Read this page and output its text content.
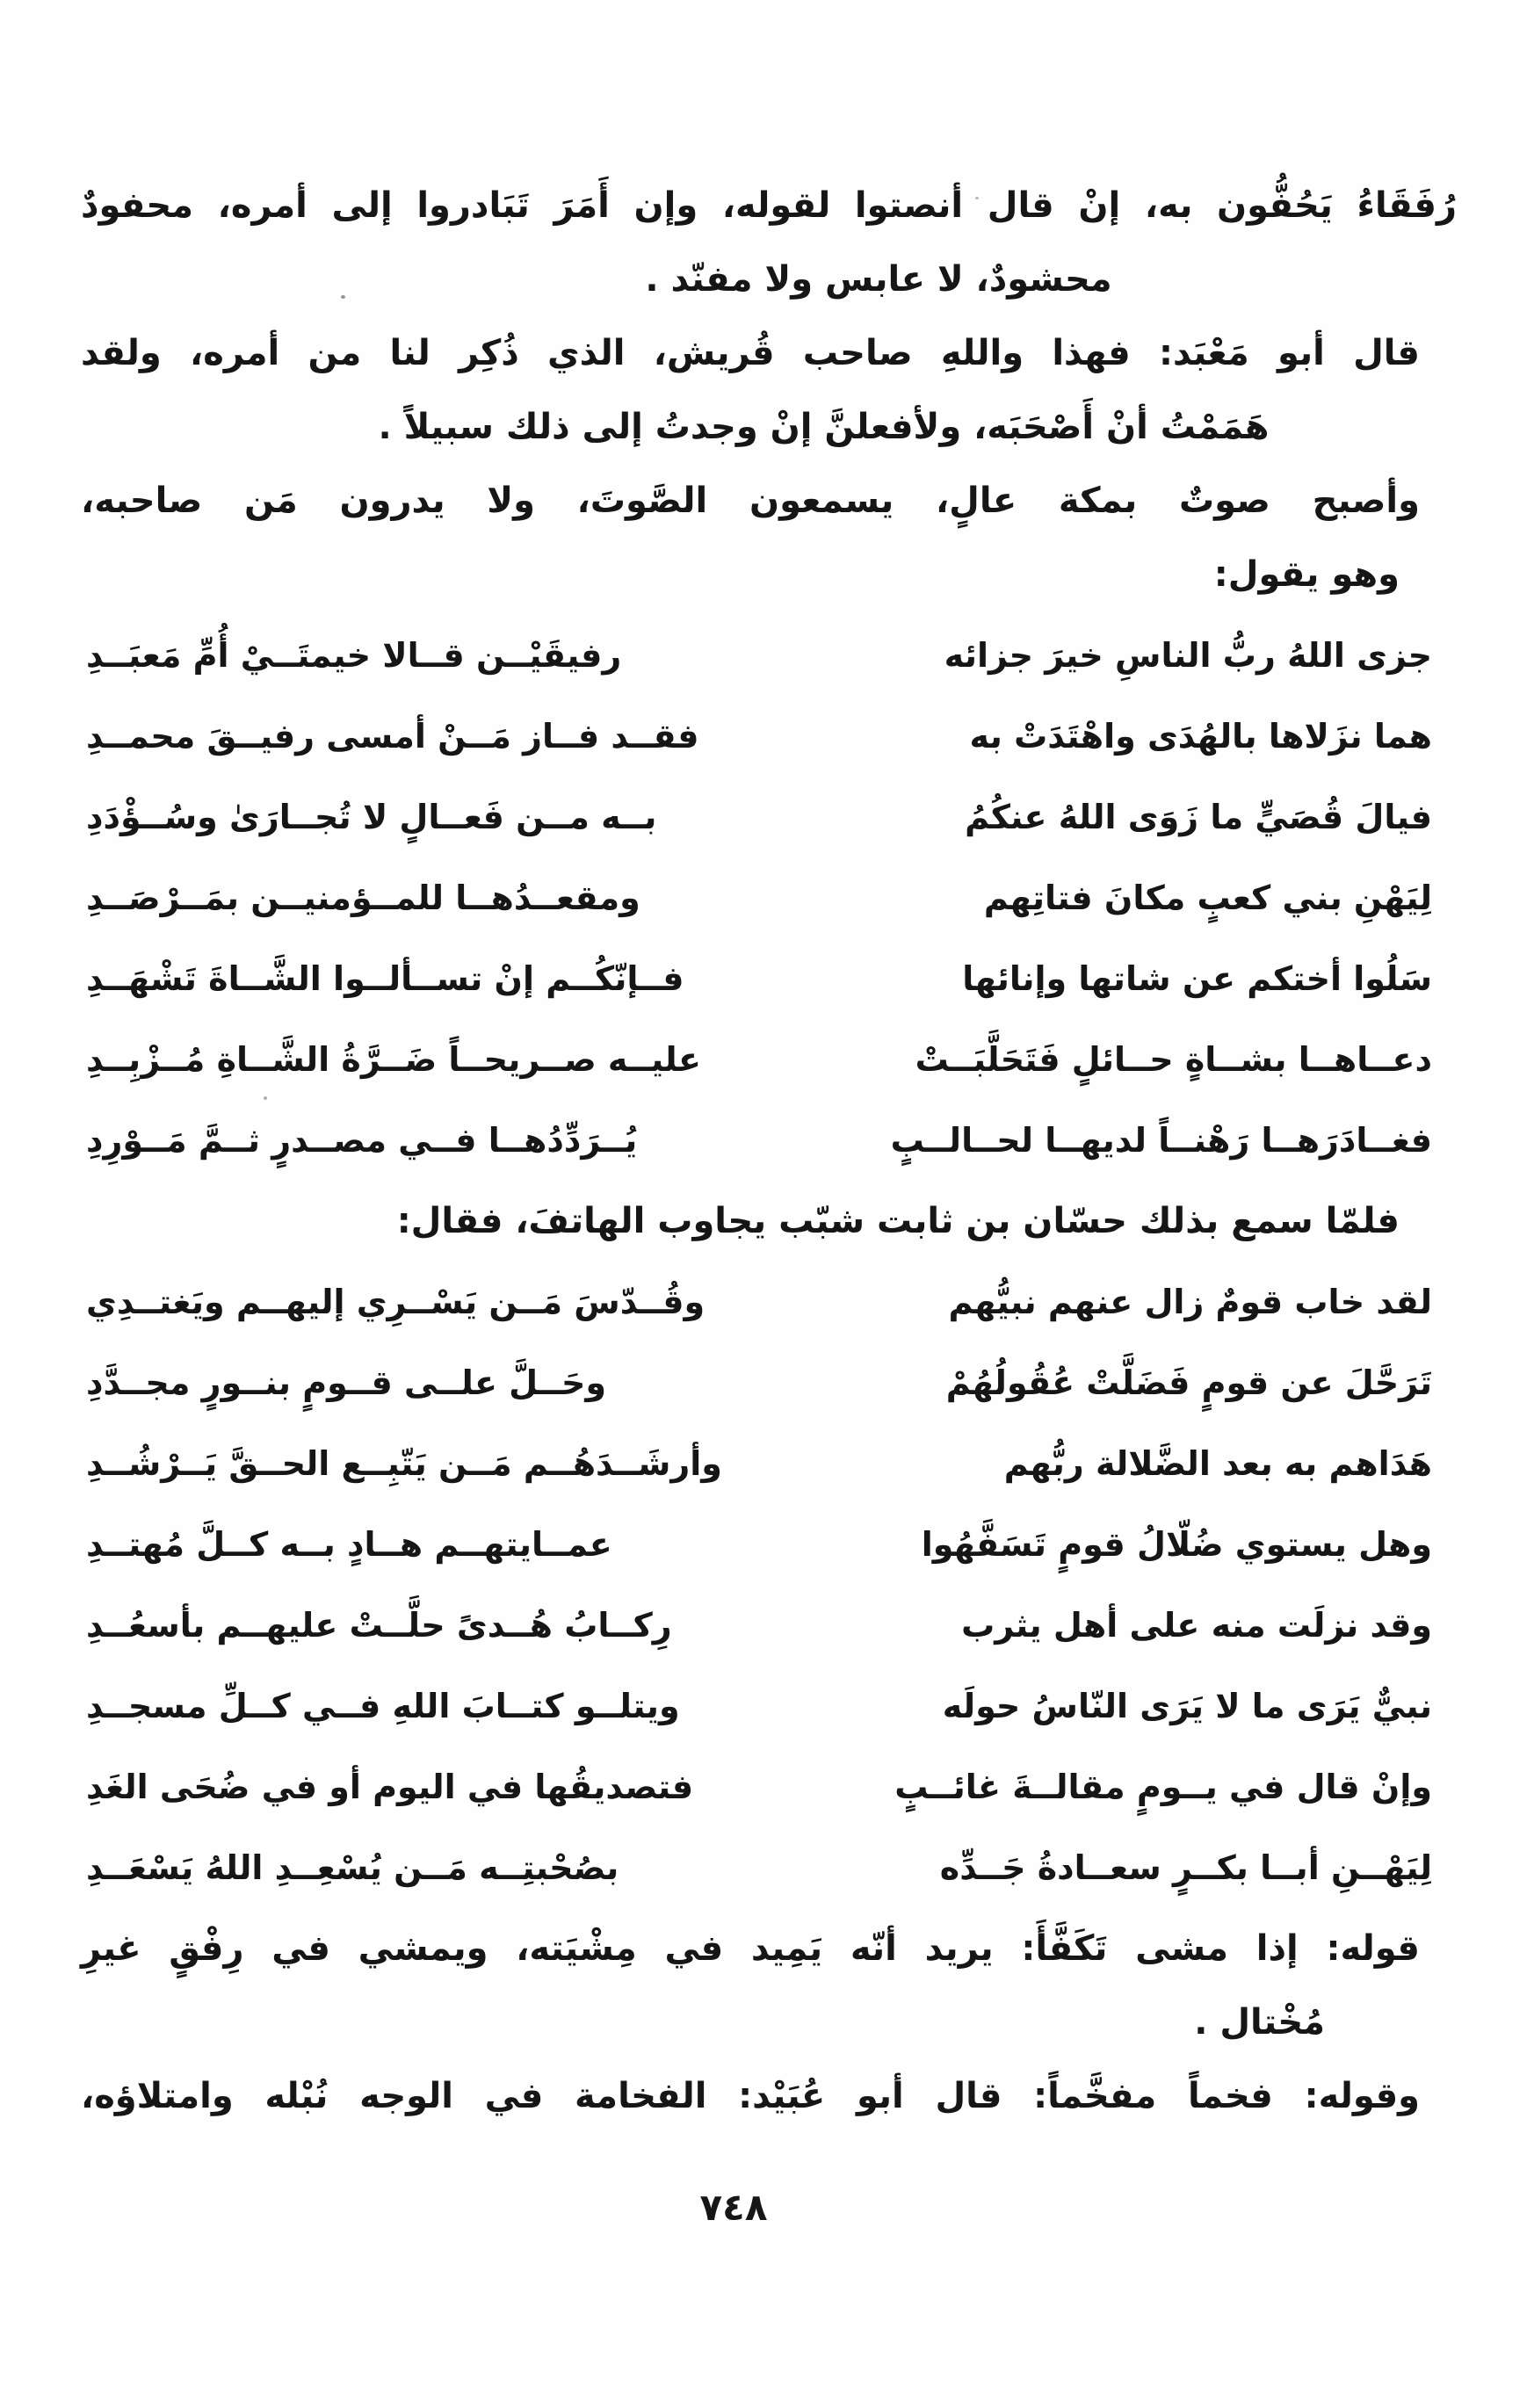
رُفَقَاءُ يَحُفُّون به، إنْ قال أنصتوا لقوله، وإن أَمَرَ تَبَادروا إلى أمره، محفودٌ
محشودٌ، لا عابس ولا مفنّد .
قال أبو مَعْبَد: فهذا واللهِ صاحب قُريش، الذي ذُكِر لنا من أمره، ولقد
هَمَمْتُ أنْ أَصْحَبَه، ولأفعلنَّ إنْ وجدتُ إلى ذلك سبيلاً .
وأصبح صوتٌ بمكة عالٍ، يسمعون الصَّوتَ، ولا يدرون مَن صاحبه،
وهو يقول:
جزى اللهُ ربُّ الناسِ خيرَ جزائه
رفيقَيْــن قــالا خيمتَــيْ أُمِّ مَعبَــدِ
هما نزَلاها بالهُدَى واهْتَدَتْ به
فقــد فــاز مَــنْ أمسى رفيــقَ محمــدِ
فيالَ قُصَيٍّ ما زَوَى اللهُ عنكُمُ
بــه مــن فَعــالٍ لا تُجــارَىٰ وسُــؤْدَدِ
لِيَهْنِ بني كعبٍ مكانَ فتاتِهم
ومقعــدُهــا للمــؤمنيــن بمَــرْصَــدِ
سَلُوا أختكم عن شاتها وإنائها
فــإنّكُــم إنْ تســألــوا الشَّــاةَ تَشْهَــدِ
دعــاهــا بشــاةٍ حــائلٍ فَتَحَلَّبَــتْ
عليــه صــريحــاً ضَــرَّةُ الشَّــاةِ مُــزْبِــدِ
فغــادَرَهــا رَهْنــاً لديهــا لحــالــبٍ
يُــرَدِّدُهــا فــي مصــدرٍ ثــمَّ مَــوْرِدِ
فلمّا سمع بذلك حسّان بن ثابت شبّب يجاوب الهاتفَ، فقال:
لقد خاب قومٌ زال عنهم نبيُّهم
وقُــدّسَ مَــن يَسْــرِي إليهــم ويَغتــدِي
تَرَحَّلَ عن قومٍ فَضَلَّتْ عُقُولُهُمْ
وحَــلَّ علــى قــومٍ بنــورٍ مجــدَّدِ
هَدَاهم به بعد الضَّلالة ربُّهم
وأرشَــدَهُــم مَــن يَتّبِــع الحــقَّ يَــرْشُــدِ
وهل يستوي ضُلّالُ قومٍ تَسَفَّهُوا
عمــايتهــم هــادٍ بــه كــلَّ مُهتــدِ
وقد نزلَت منه على أهل يثرب
رِكــابُ هُــدىً حلَّــتْ عليهــم بأسعُــدِ
نبيٌّ يَرَى ما لا يَرَى النّاسُ حولَه
ويتلــو كتــابَ اللهِ فــي كــلِّ مسجــدِ
وإنْ قال في يــومٍ مقالــةَ غائــبٍ
فتصديقُها في اليوم أو في ضُحَى الغَدِ
لِيَهْــنِ أبــا بكــرٍ سعــادةُ جَــدِّه
بصُحْبتِــه مَــن يُسْعِــدِ اللهُ يَسْعَــدِ
قوله: إذا مشى تَكَفَّأَ: يريد أنّه يَمِيد في مِشْيَته، ويمشي في رِفْقٍ غيرِ
مُخْتال .
وقوله: فخماً مفخَّماً: قال أبو عُبَيْد: الفخامة في الوجه نُبْله وامتلاؤه،
٧٤٨
